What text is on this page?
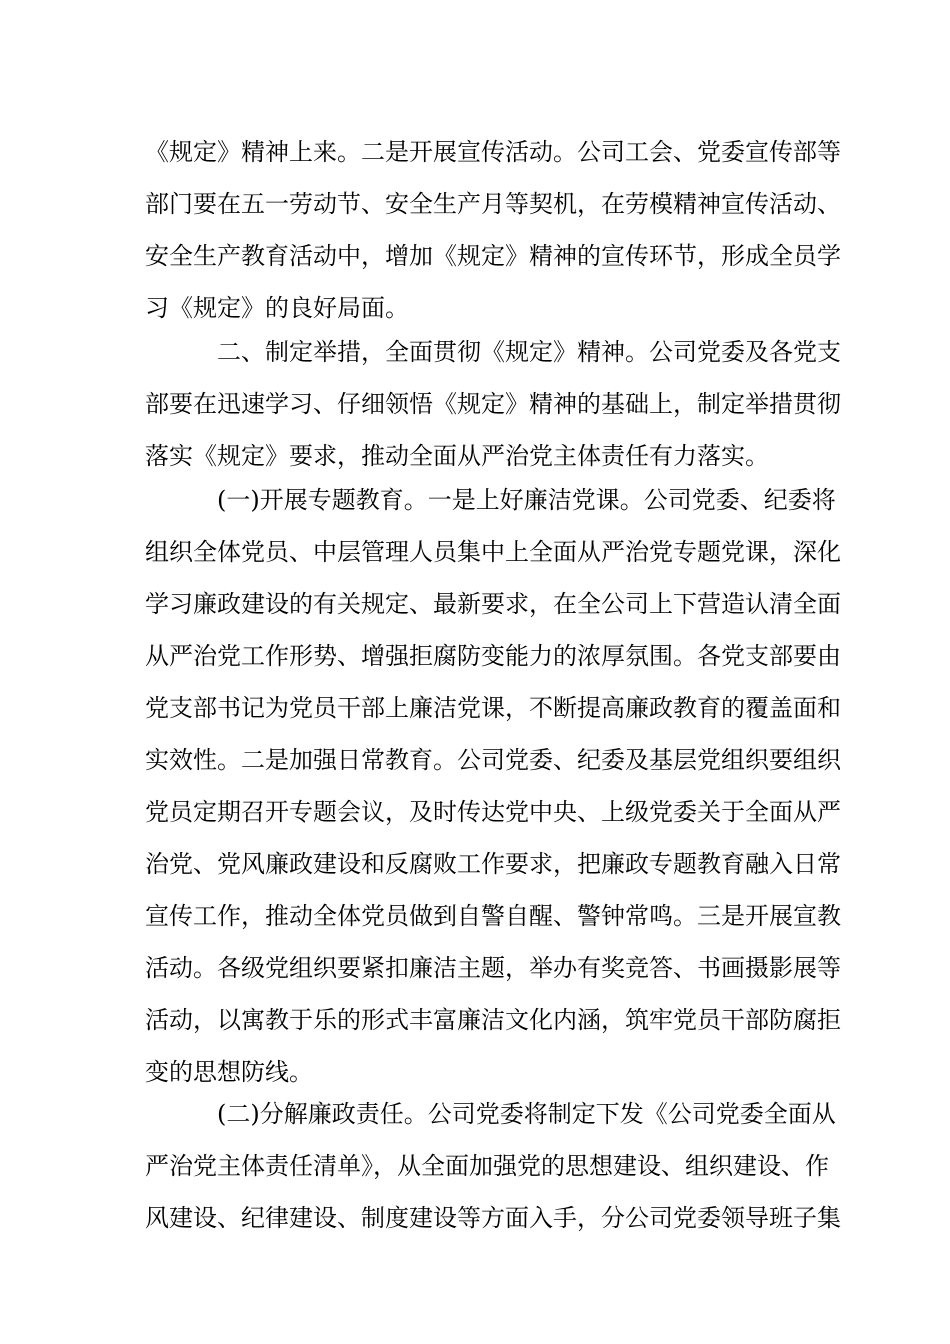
《规定》精神上来。二是开展宣传活动。公司工会、党委宣传部等
部门要在五一劳动节、安全生产月等契机，在劳模精神宣传活动、
安全生产教育活动中，增加《规定》精神的宣传环节，形成全员学
习《规定》的良好局面。
二、制定举措，全面贯彻《规定》精神。公司党委及各党支
部要在迅速学习、仔细领悟《规定》精神的基础上，制定举措贯彻
落实《规定》要求，推动全面从严治党主体责任有力落实。
(一)开展专题教育。一是上好廉洁党课。公司党委、纪委将
组织全体党员、中层管理人员集中上全面从严治党专题党课，深化
学习廉政建设的有关规定、最新要求，在全公司上下营造认清全面
从严治党工作形势、增强拒腐防变能力的浓厚氛围。各党支部要由
党支部书记为党员干部上廉洁党课，不断提高廉政教育的覆盖面和
实效性。二是加强日常教育。公司党委、纪委及基层党组织要组织
党员定期召开专题会议，及时传达党中央、上级党委关于全面从严
治党、党风廉政建设和反腐败工作要求，把廉政专题教育融入日常
宣传工作，推动全体党员做到自警自醒、警钟常鸣。三是开展宣教
活动。各级党组织要紧扣廉洁主题，举办有奖竞答、书画摄影展等
活动，以寓教于乐的形式丰富廉洁文化内涵，筑牢党员干部防腐拒
变的思想防线。
(二)分解廉政责任。公司党委将制定下发《公司党委全面从
严治党主体责任清单》，从全面加强党的思想建设、组织建设、作
风建设、纪律建设、制度建设等方面入手，分公司党委领导班子集
